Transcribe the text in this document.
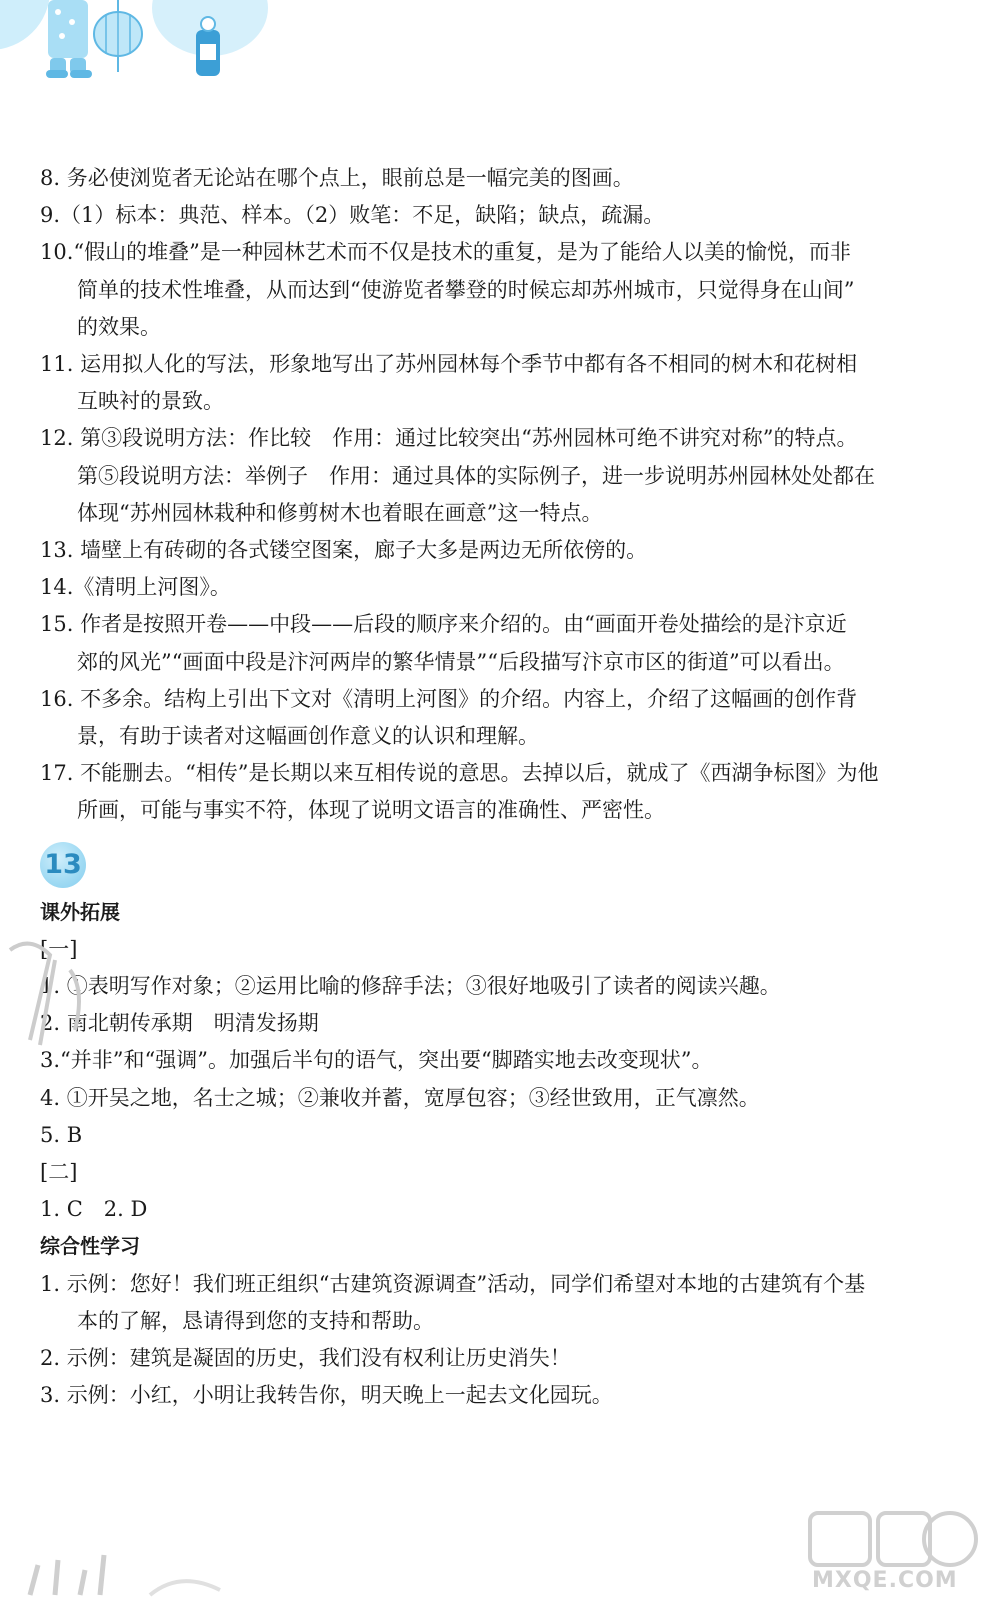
8. 务必使浏览者无论站在哪个点上，眼前总是一幅完美的图画。
9.（1）标本：典范、样本。（2）败笔：不足，缺陷；缺点，疏漏。
10.“假山的堆叠”是一种园林艺术而不仅是技术的重复，是为了能给人以美的愉悦，而非
简单的技术性堆叠，从而达到“使游览者攀登的时候忘却苏州城市，只觉得身在山间”
的效果。
11. 运用拟人化的写法，形象地写出了苏州园林每个季节中都有各不相同的树木和花树相
互映衬的景致。
12. 第③段说明方法：作比较　作用：通过比较突出“苏州园林可绝不讲究对称”的特点。
第⑤段说明方法：举例子　作用：通过具体的实际例子，进一步说明苏州园林处处都在
体现“苏州园林栽种和修剪树木也着眼在画意”这一特点。
13. 墙壁上有砖砌的各式镂空图案，廊子大多是两边无所依傍的。
14.《清明上河图》。
15. 作者是按照开卷——中段——后段的顺序来介绍的。由“画面开卷处描绘的是汴京近
郊的风光”“画面中段是汴河两岸的繁华情景”“后段描写汴京市区的街道”可以看出。
16. 不多余。结构上引出下文对《清明上河图》的介绍。内容上，介绍了这幅画的创作背
景，有助于读者对这幅画创作意义的认识和理解。
17. 不能删去。“相传”是长期以来互相传说的意思。去掉以后，就成了《西湖争标图》为他
所画，可能与事实不符，体现了说明文语言的准确性、严密性。
13
课外拓展
[一]
1. ①表明写作对象；②运用比喻的修辞手法；③很好地吸引了读者的阅读兴趣。
2. 南北朝传承期　明清发扬期
3.“并非”和“强调”。加强后半句的语气，突出要“脚踏实地去改变现状”。
4. ①开吴之地，名士之城；②兼收并蓄，宽厚包容；③经世致用，正气凛然。
5. B
[二]
1. C　2. D
综合性学习
1. 示例：您好！我们班正组织“古建筑资源调查”活动，同学们希望对本地的古建筑有个基
本的了解，恳请得到您的支持和帮助。
2. 示例：建筑是凝固的历史，我们没有权利让历史消失！
3. 示例：小红，小明让我转告你，明天晚上一起去文化园玩。
MXQE.COM
